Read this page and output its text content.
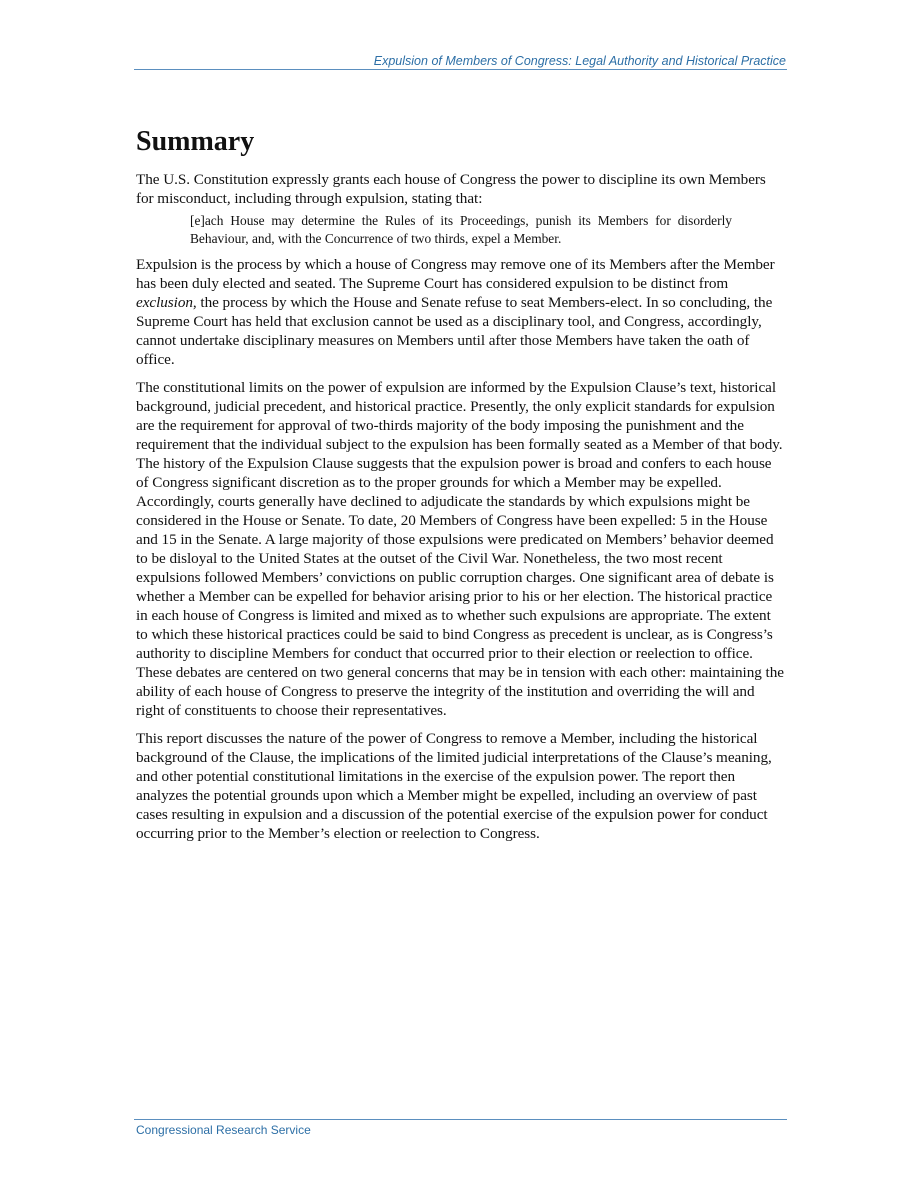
Expulsion of Members of Congress: Legal Authority and Historical Practice
Summary

The U.S. Constitution expressly grants each house of Congress the power to discipline its own Members for misconduct, including through expulsion, stating that:

[e]ach House may determine the Rules of its Proceedings, punish its Members for disorderly Behaviour, and, with the Concurrence of two thirds, expel a Member.

Expulsion is the process by which a house of Congress may remove one of its Members after the Member has been duly elected and seated. The Supreme Court has considered expulsion to be distinct from exclusion, the process by which the House and Senate refuse to seat Members-elect. In so concluding, the Supreme Court has held that exclusion cannot be used as a disciplinary tool, and Congress, accordingly, cannot undertake disciplinary measures on Members until after those Members have taken the oath of office.

The constitutional limits on the power of expulsion are informed by the Expulsion Clause’s text, historical background, judicial precedent, and historical practice. Presently, the only explicit standards for expulsion are the requirement for approval of two-thirds majority of the body imposing the punishment and the requirement that the individual subject to the expulsion has been formally seated as a Member of that body. The history of the Expulsion Clause suggests that the expulsion power is broad and confers to each house of Congress significant discretion as to the proper grounds for which a Member may be expelled. Accordingly, courts generally have declined to adjudicate the standards by which expulsions might be considered in the House or Senate. To date, 20 Members of Congress have been expelled: 5 in the House and 15 in the Senate. A large majority of those expulsions were predicated on Members’ behavior deemed to be disloyal to the United States at the outset of the Civil War. Nonetheless, the two most recent expulsions followed Members’ convictions on public corruption charges. One significant area of debate is whether a Member can be expelled for behavior arising prior to his or her election. The historical practice in each house of Congress is limited and mixed as to whether such expulsions are appropriate. The extent to which these historical practices could be said to bind Congress as precedent is unclear, as is Congress’s authority to discipline Members for conduct that occurred prior to their election or reelection to office. These debates are centered on two general concerns that may be in tension with each other: maintaining the ability of each house of Congress to preserve the integrity of the institution and overriding the will and right of constituents to choose their representatives.

This report discusses the nature of the power of Congress to remove a Member, including the historical background of the Clause, the implications of the limited judicial interpretations of the Clause’s meaning, and other potential constitutional limitations in the exercise of the expulsion power. The report then analyzes the potential grounds upon which a Member might be expelled, including an overview of past cases resulting in expulsion and a discussion of the potential exercise of the expulsion power for conduct occurring prior to the Member’s election or reelection to Congress.

Congressional Research Service
